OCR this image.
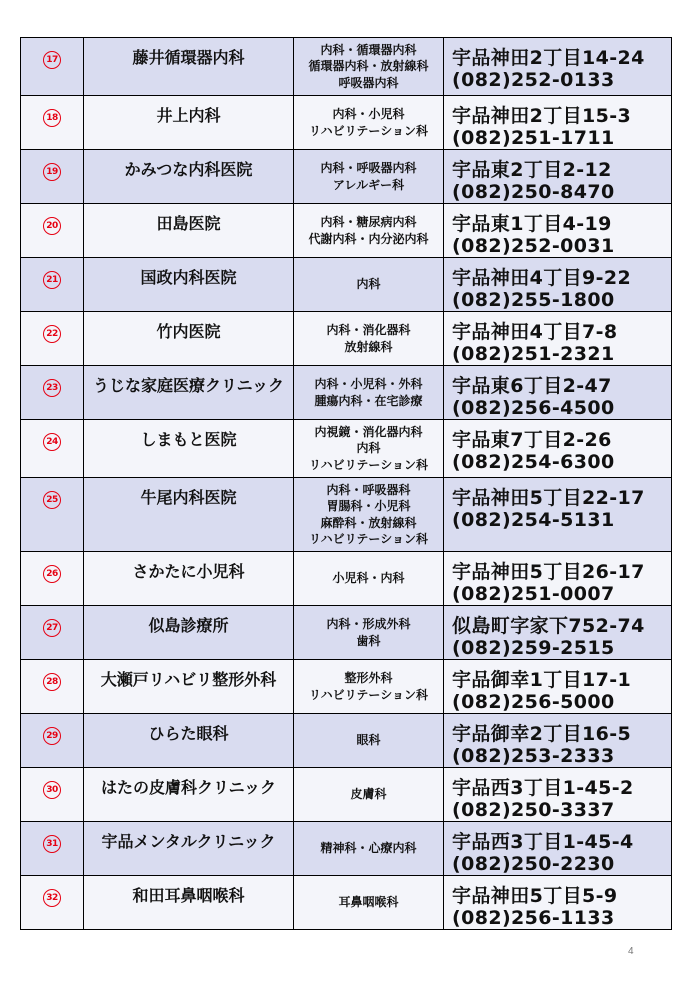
17	藤井循環器内科	内科・循環器内科
循環器内科・放射線科
呼吸器内科	宇品神田2丁目14-24
(082)252-0133

18	井上内科	内科・小児科
リハビリテーション科	宇品神田2丁目15-3
(082)251-1711

19	かみつな内科医院	内科・呼吸器内科
アレルギー科	宇品東2丁目2-12
(082)250-8470

20	田島医院	内科・糖尿病内科
代謝内科・内分泌内科	宇品東1丁目4-19
(082)252-0031

21	国政内科医院	内科	宇品神田4丁目9-22
(082)255-1800

22	竹内医院	内科・消化器科
放射線科	宇品神田4丁目7-8
(082)251-2321

23	うじな家庭医療クリニック	内科・小児科・外科
腫瘍内科・在宅診療	宇品東6丁目2-47
(082)256-4500

24	しまもと医院	内視鏡・消化器内科
内科
リハビリテーション科	宇品東7丁目2-26
(082)254-6300

25	牛尾内科医院	内科・呼吸器科
胃腸科・小児科
麻酔科・放射線科
リハビリテーション科	宇品神田5丁目22-17
(082)254-5131

26	さかたに小児科	小児科・内科	宇品神田5丁目26-17
(082)251-0007

27	似島診療所	内科・形成外科
歯科	似島町字家下752-74
(082)259-2515

28	大瀬戸リハビリ整形外科	整形外科
リハビリテーション科	宇品御幸1丁目17-1
(082)256-5000

29	ひらた眼科	眼科	宇品御幸2丁目16-5
(082)253-2333

30	はたの皮膚科クリニック	皮膚科	宇品西3丁目1-45-2
(082)250-3337

31	宇品メンタルクリニック	精神科・心療内科	宇品西3丁目1-45-4
(082)250-2230

32	和田耳鼻咽喉科	耳鼻咽喉科	宇品神田5丁目5-9
(082)256-1133
4
